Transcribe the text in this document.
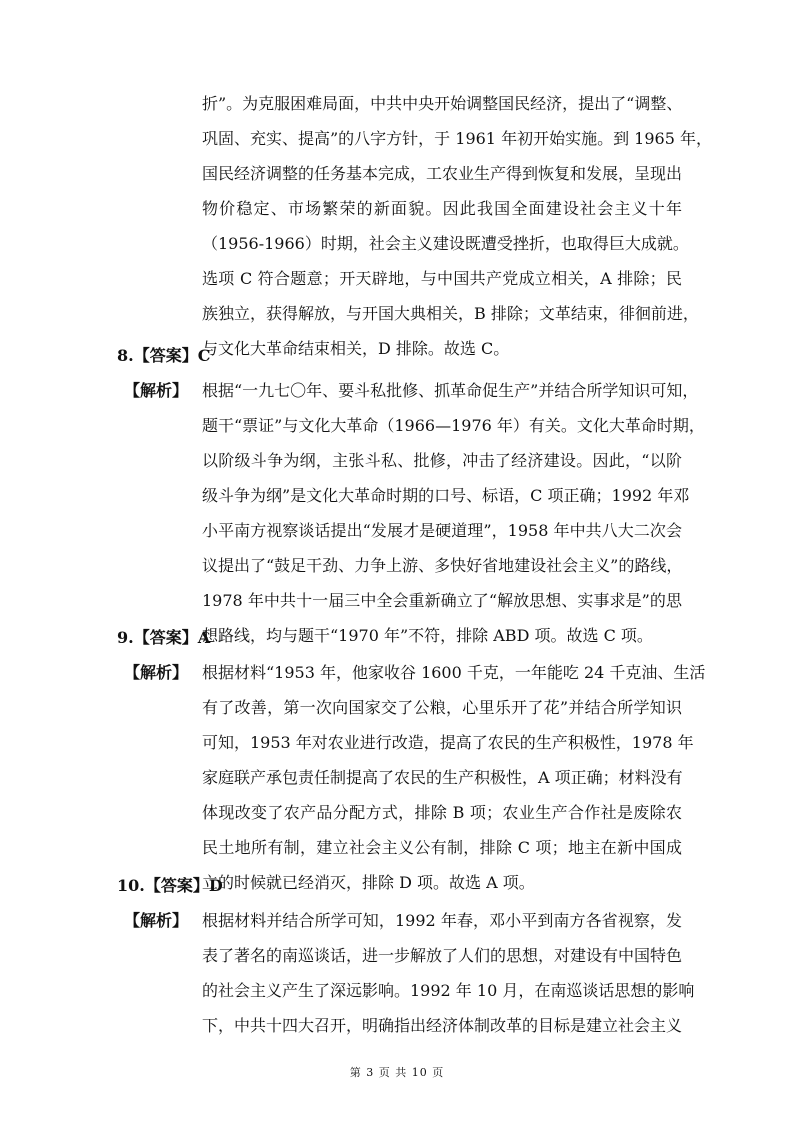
折”。为克服困难局面，中共中央开始调整国民经济，提出了“调整、
巩固、充实、提高”的八字方针，于 1961 年初开始实施。到 1965 年，
国民经济调整的任务基本完成，工农业生产得到恢复和发展，呈现出
物价稳定、市场繁荣的新面貌。因此我国全面建设社会主义十年
（1956-1966）时期，社会主义建设既遭受挫折，也取得巨大成就。
选项 C 符合题意；开天辟地，与中国共产党成立相关，A 排除；民
族独立，获得解放，与开国大典相关，B 排除；文革结束，徘徊前进，
与文化大革命结束相关，D 排除。故选 C。
8.【答案】C
【解析】 根据“一九七〇年、要斗私批修、抓革命促生产”并结合所学知识可知，
题干“票证”与文化大革命（1966—1976 年）有关。文化大革命时期，
以阶级斗争为纲，主张斗私、批修，冲击了经济建设。因此，“以阶
级斗争为纲”是文化大革命时期的口号、标语，C 项正确；1992 年邓
小平南方视察谈话提出“发展才是硬道理”，1958 年中共八大二次会
议提出了“鼓足干劲、力争上游、多快好省地建设社会主义”的路线，
1978 年中共十一届三中全会重新确立了“解放思想、实事求是”的思
想路线，均与题干“1970 年”不符，排除 ABD 项。故选 C 项。
9.【答案】A
【解析】 根据材料“1953 年，他家收谷 1600 千克，一年能吃 24 千克油、生活
有了改善，第一次向国家交了公粮，心里乐开了花”并结合所学知识
可知，1953 年对农业进行改造，提高了农民的生产积极性，1978 年
家庭联产承包责任制提高了农民的生产积极性，A 项正确；材料没有
体现改变了农产品分配方式，排除 B 项；农业生产合作社是废除农
民土地所有制，建立社会主义公有制，排除 C 项；地主在新中国成
立的时候就已经消灭，排除 D 项。故选 A 项。
10.【答案】D
【解析】 根据材料并结合所学可知，1992 年春，邓小平到南方各省视察，发
表了著名的南巡谈话，进一步解放了人们的思想，对建设有中国特色
的社会主义产生了深远影响。1992 年 10 月，在南巡谈话思想的影响
下，中共十四大召开，明确指出经济体制改革的目标是建立社会主义
第 3 页 共 10 页
